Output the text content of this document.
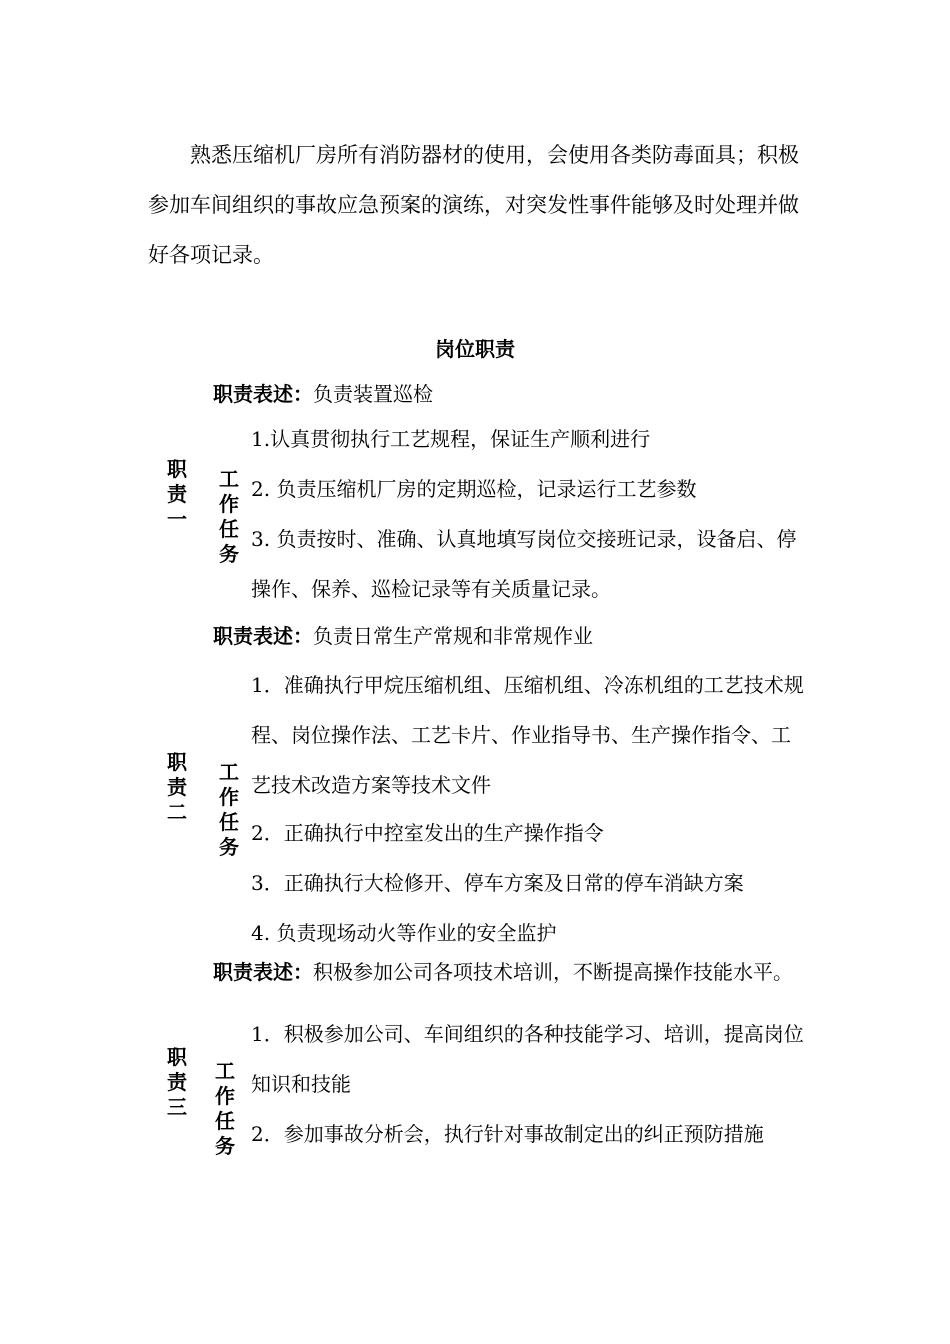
熟悉压缩机厂房所有消防器材的使用，会使用各类防毒面具；积极参加车间组织的事故应急预案的演练，对突发性事件能够及时处理并做好各项记录。

岗位职责
职责一
职责表述：负责装置巡检
工作任务
1.认真贯彻执行工艺规程，保证生产顺利进行
2. 负责压缩机厂房的定期巡检，记录运行工艺参数
3. 负责按时、准确、认真地填写岗位交接班记录，设备启、停操作、保养、巡检记录等有关质量记录。
职责二
职责表述：负责日常生产常规和非常规作业
工作任务
1．准确执行甲烷压缩机组、压缩机组、冷冻机组的工艺技术规程、岗位操作法、工艺卡片、作业指导书、生产操作指令、工艺技术改造方案等技术文件
2．正确执行中控室发出的生产操作指令
3．正确执行大检修开、停车方案及日常的停车消缺方案
4. 负责现场动火等作业的安全监护
职责三
职责表述：积极参加公司各项技术培训，不断提高操作技能水平。
工作任务
1．积极参加公司、车间组织的各种技能学习、培训，提高岗位知识和技能
2．参加事故分析会，执行针对事故制定出的纠正预防措施
